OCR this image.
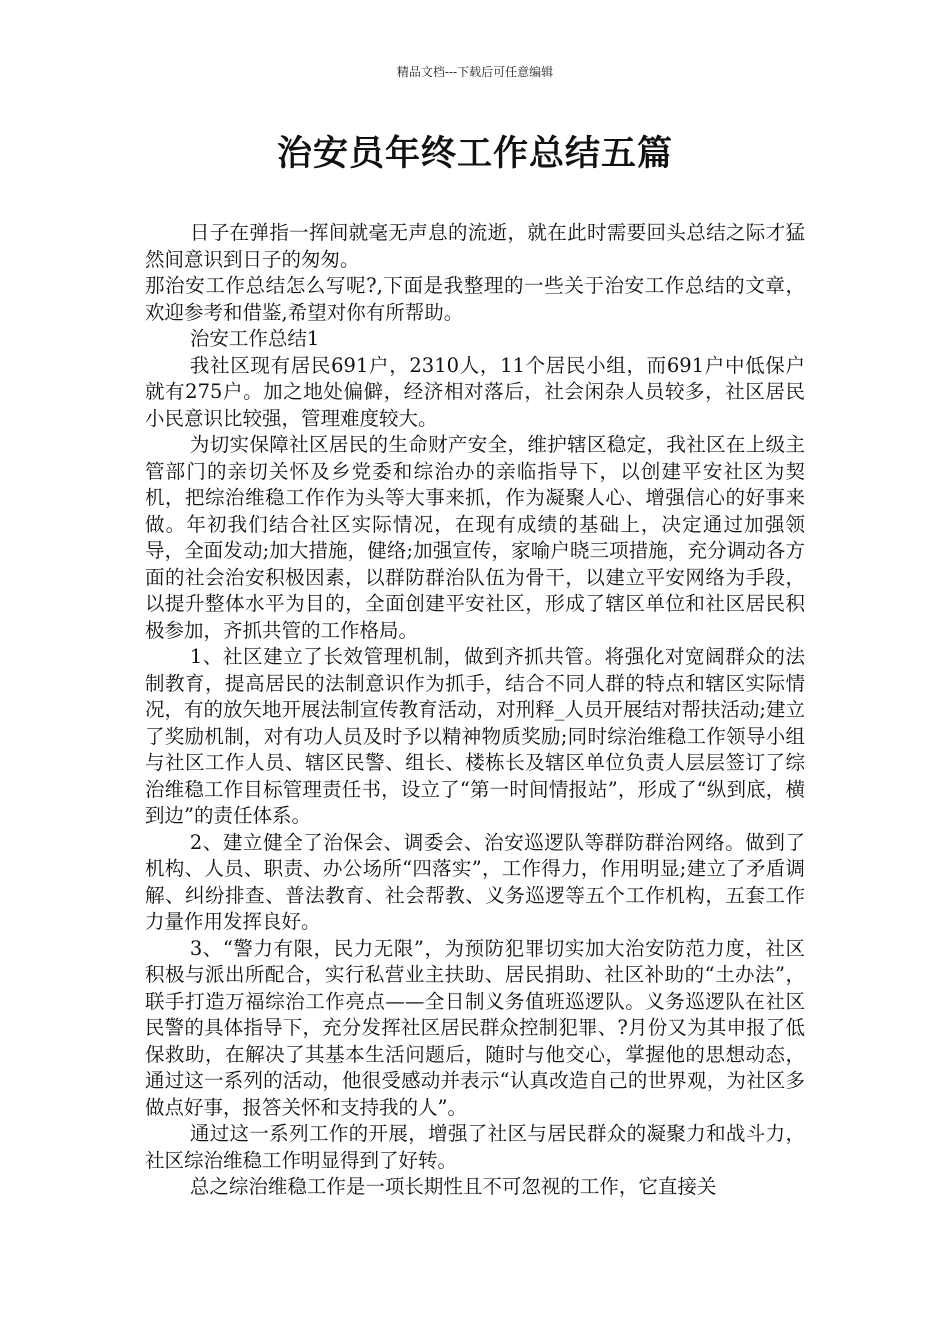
精品文档---下载后可任意编辑
治安员年终工作总结五篇

日子在弹指一挥间就毫无声息的流逝，就在此时需要回头总结之际才猛然间意识到日子的匆匆。

那治安工作总结怎么写呢?,下面是我整理的一些关于治安工作总结的文章，欢迎参考和借鉴,希望对你有所帮助。

治安工作总结1

我社区现有居民691户，2310人，11个居民小组，而691户中低保户就有275户。加之地处偏僻，经济相对落后，社会闲杂人员较多，社区居民小民意识比较强，管理难度较大。

为切实保障社区居民的生命财产安全，维护辖区稳定，我社区在上级主管部门的亲切关怀及乡党委和综治办的亲临指导下，以创建平安社区为契机，把综治维稳工作作为头等大事来抓，作为凝聚人心、增强信心的好事来做。年初我们结合社区实际情况，在现有成绩的基础上，决定通过加强领导，全面发动;加大措施，健络;加强宣传，家喻户晓三项措施，充分调动各方面的社会治安积极因素，以群防群治队伍为骨干，以建立平安网络为手段，以提升整体水平为目的，全面创建平安社区，形成了辖区单位和社区居民积极参加，齐抓共管的工作格局。

1、社区建立了长效管理机制，做到齐抓共管。将强化对宽阔群众的法制教育，提高居民的法制意识作为抓手，结合不同人群的特点和辖区实际情况，有的放矢地开展法制宣传教育活动，对刑释_人员开展结对帮扶活动;建立了奖励机制，对有功人员及时予以精神物质奖励;同时综治维稳工作领导小组与社区工作人员、辖区民警、组长、楼栋长及辖区单位负责人层层签订了综治维稳工作目标管理责任书，设立了“第一时间情报站”，形成了“纵到底，横到边”的责任体系。

2、建立健全了治保会、调委会、治安巡逻队等群防群治网络。做到了机构、人员、职责、办公场所“四落实”，工作得力，作用明显;建立了矛盾调解、纠纷排查、普法教育、社会帮教、义务巡逻等五个工作机构，五套工作力量作用发挥良好。

3、“警力有限，民力无限”，为预防犯罪切实加大治安防范力度，社区积极与派出所配合，实行私营业主扶助、居民捐助、社区补助的“土办法”，联手打造万福综治工作亮点——全日制义务值班巡逻队。义务巡逻队在社区民警的具体指导下，充分发挥社区居民群众控制犯罪、?月份又为其申报了低保救助，在解决了其基本生活问题后，随时与他交心，掌握他的思想动态，通过这一系列的活动，他很受感动并表示“认真改造自己的世界观，为社区多做点好事，报答关怀和支持我的人”。

通过这一系列工作的开展，增强了社区与居民群众的凝聚力和战斗力，社区综治维稳工作明显得到了好转。

总之综治维稳工作是一项长期性且不可忽视的工作，它直接关
